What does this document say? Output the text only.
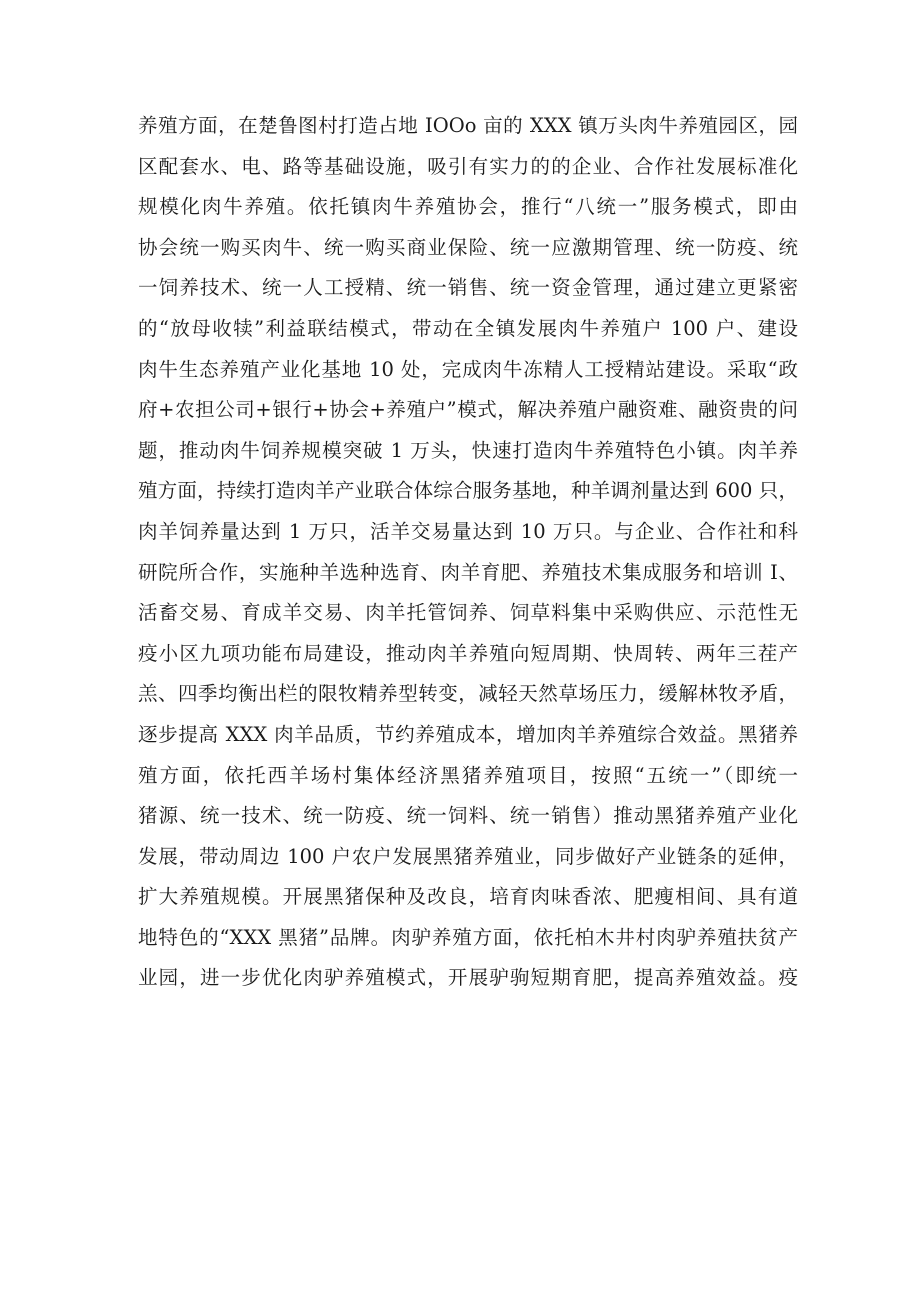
养殖方面，在楚鲁图村打造占地 IOOo 亩的 XXX 镇万头肉牛养殖园区，园
区配套水、电、路等基础设施，吸引有实力的的企业、合作社发展标准化
规模化肉牛养殖。依托镇肉牛养殖协会，推行“八统一”服务模式，即由
协会统一购买肉牛、统一购买商业保险、统一应激期管理、统一防疫、统
一饲养技术、统一人工授精、统一销售、统一资金管理，通过建立更紧密
的“放母收犊”利益联结模式，带动在全镇发展肉牛养殖户 100 户、建设
肉牛生态养殖产业化基地 10 处，完成肉牛冻精人工授精站建设。采取“政
府+农担公司+银行+协会+养殖户”模式，解决养殖户融资难、融资贵的问
题，推动肉牛饲养规模突破 1 万头，快速打造肉牛养殖特色小镇。肉羊养
殖方面，持续打造肉羊产业联合体综合服务基地，种羊调剂量达到 600 只，
肉羊饲养量达到 1 万只，活羊交易量达到 10 万只。与企业、合作社和科
研院所合作，实施种羊选种选育、肉羊育肥、养殖技术集成服务和培训 I、
活畜交易、育成羊交易、肉羊托管饲养、饲草料集中采购供应、示范性无
疫小区九项功能布局建设，推动肉羊养殖向短周期、快周转、两年三茬产
羔、四季均衡出栏的限牧精养型转变，减轻天然草场压力，缓解林牧矛盾，
逐步提高 XXX 肉羊品质，节约养殖成本，增加肉羊养殖综合效益。黑猪养
殖方面，依托西羊场村集体经济黑猪养殖项目，按照“五统一”（即统一
猪源、统一技术、统一防疫、统一饲料、统一销售）推动黑猪养殖产业化
发展，带动周边 100 户农户发展黑猪养殖业，同步做好产业链条的延伸，
扩大养殖规模。开展黑猪保种及改良，培育肉味香浓、肥瘦相间、具有道
地特色的“XXX 黑猪”品牌。肉驴养殖方面，依托柏木井村肉驴养殖扶贫产
业园，进一步优化肉驴养殖模式，开展驴驹短期育肥，提高养殖效益。疫
